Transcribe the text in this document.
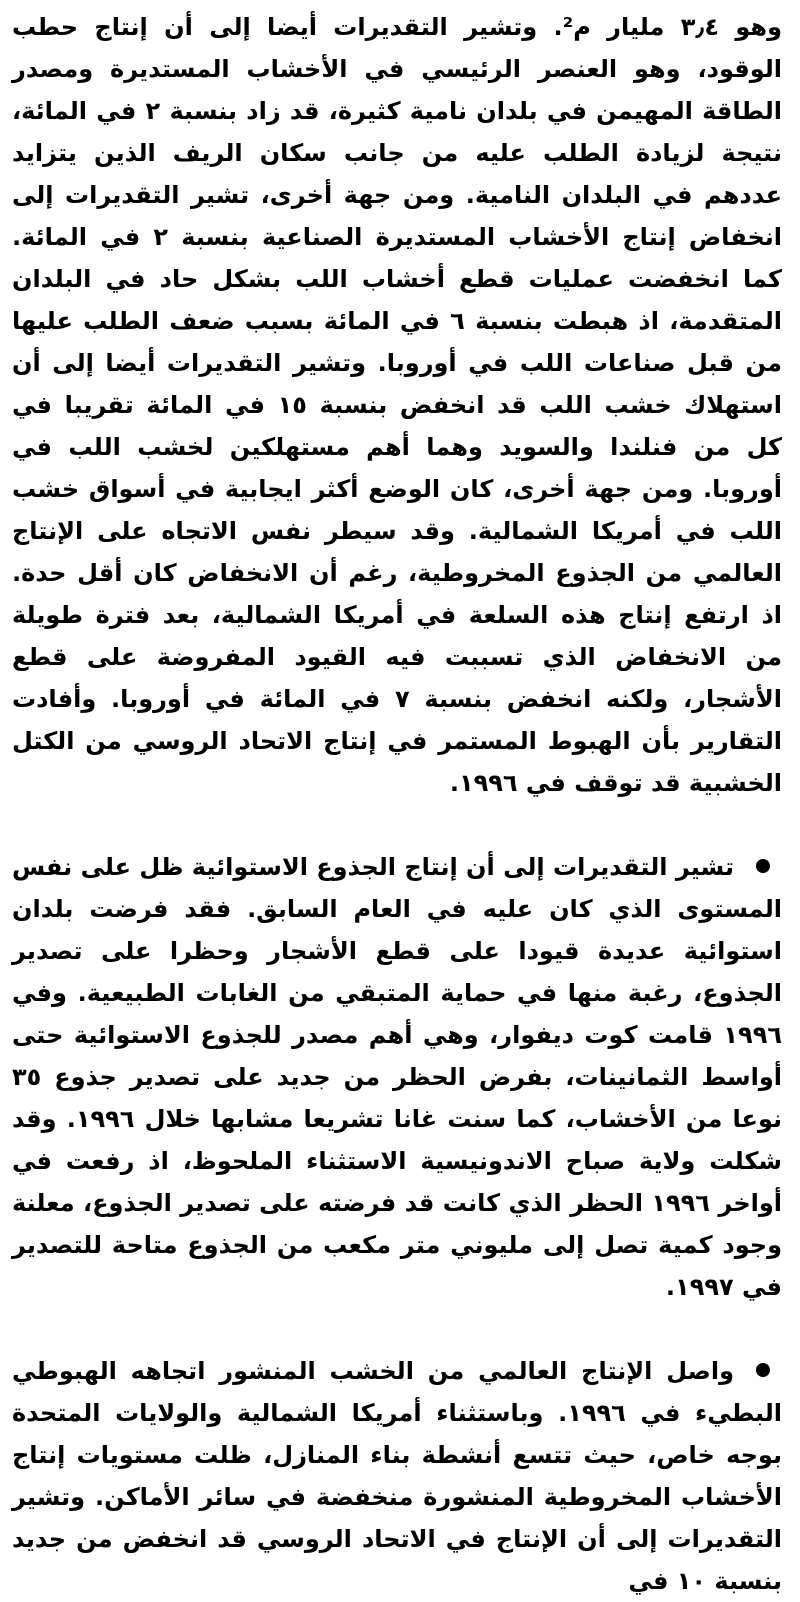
وهو ٣٫٤ مليار م². وتشير التقديرات أيضا إلى أن إنتاج حطب الوقود، وهو العنصر الرئيسي في الأخشاب المستديرة ومصدر الطاقة المهيمن في بلدان نامية كثيرة، قد زاد بنسبة ٢ في المائة، نتيجة لزيادة الطلب عليه من جانب سكان الريف الذين يتزايد عددهم في البلدان النامية. ومن جهة أخرى، تشير التقديرات إلى انخفاض إنتاج الأخشاب المستديرة الصناعية بنسبة ٢ في المائة. كما انخفضت عمليات قطع أخشاب اللب بشكل حاد في البلدان المتقدمة، اذ هبطت بنسبة ٦ في المائة بسبب ضعف الطلب عليها من قبل صناعات اللب في أوروبا. وتشير التقديرات أيضا إلى أن استهلاك خشب اللب قد انخفض بنسبة ١٥ في المائة تقريبا في كل من فنلندا والسويد وهما أهم مستهلكين لخشب اللب في أوروبا. ومن جهة أخرى، كان الوضع أكثر ايجابية في أسواق خشب اللب في أمريكا الشمالية. وقد سيطر نفس الاتجاه على الإنتاج العالمي من الجذوع المخروطية، رغم أن الانخفاض كان أقل حدة. اذ ارتفع إنتاج هذه السلعة في أمريكا الشمالية، بعد فترة طويلة من الانخفاض الذي تسببت فيه القيود المفروضة على قطع الأشجار، ولكنه انخفض بنسبة ٧ في المائة في أوروبا. وأفادت التقارير بأن الهبوط المستمر في إنتاج الاتحاد الروسي من الكتل الخشبية قد توقف في ١٩٩٦.

تشير التقديرات إلى أن إنتاج الجذوع الاستوائية ظل على نفس المستوى الذي كان عليه في العام السابق. فقد فرضت بلدان استوائية عديدة قيودا على قطع الأشجار وحظرا على تصدير الجذوع، رغبة منها في حماية المتبقي من الغابات الطبيعية. وفي ١٩٩٦ قامت كوت ديفوار، وهي أهم مصدر للجذوع الاستوائية حتى أواسط الثمانينات، بفرض الحظر من جديد على تصدير جذوع ٣٥ نوعا من الأخشاب، كما سنت غانا تشريعا مشابها خلال ١٩٩٦. وقد شكلت ولاية صباح الاندونيسية الاستثناء الملحوظ، اذ رفعت في أواخر ١٩٩٦ الحظر الذي كانت قد فرضته على تصدير الجذوع، معلنة وجود كمية تصل إلى مليوني متر مكعب من الجذوع متاحة للتصدير في ١٩٩٧.

واصل الإنتاج العالمي من الخشب المنشور اتجاهه الهبوطي البطيء في ١٩٩٦. وباستثناء أمريكا الشمالية والولايات المتحدة بوجه خاص، حيث تتسع أنشطة بناء المنازل، ظلت مستويات إنتاج الأخشاب المخروطية المنشورة منخفضة في سائر الأماكن. وتشير التقديرات إلى أن الإنتاج في الاتحاد الروسي قد انخفض من جديد بنسبة ١٠ في
